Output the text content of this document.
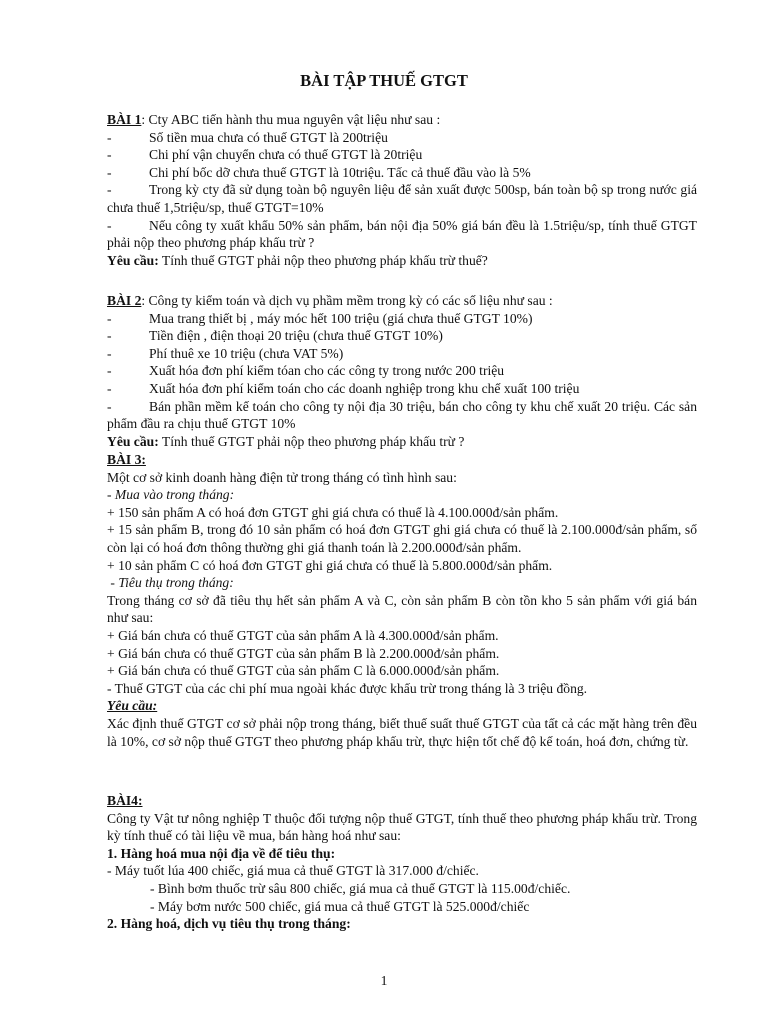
BÀI TẬP THUẾ GTGT

BÀI 1: Cty ABC tiến hành thu mua nguyên vật liệu như sau :

-	Số tiền mua chưa có thuế GTGT là 200triệu
-	Chi phí vận chuyển chưa có thuế GTGT là 20triệu
-	Chi phí bốc dỡ chưa thuế GTGT là 10triệu. Tấc cả thuế đầu vào là 5%

-	Trong kỳ cty đã sử dụng toàn bộ nguyên liệu để sản xuất được 500sp, bán toàn bộ sp trong nước giá chưa thuế 1,5triệu/sp, thuế GTGT=10%

-	Nếu công ty xuất khẩu 50% sản phẩm, bán nội địa 50% giá bán đều là 1.5triệu/sp, tính thuế GTGT phải nộp theo phương pháp khấu trừ ?

Yêu cầu: Tính thuế GTGT phải nộp theo phương pháp khấu trừ thuế?

BÀI 2: Công ty kiểm toán và dịch vụ phầm mềm trong kỳ có các số liệu như sau :

-	Mua trang thiết bị , máy móc hết 100 triệu (giá chưa thuế GTGT 10%)
-	Tiền điện , điện thoại 20 triệu (chưa thuế GTGT 10%)
-	Phí thuê xe 10 triệu (chưa VAT 5%)
-	Xuất hóa đơn phí kiểm tóan cho các công ty trong nước 200 triệu
-	Xuất hóa đơn phí kiểm toán cho các doanh nghiệp trong khu chế xuất 100 triệu

-	Bán phần mềm kế toán cho công ty nội địa 30 triệu, bán cho công ty khu chế xuất 20 triệu. Các sản phẩm đầu ra chịu thuế GTGT 10%

Yêu cầu: Tính thuế GTGT phải nộp theo phương pháp khấu trừ ?

BÀI 3:

Một cơ sở kinh doanh hàng điện tử trong tháng có tình hình sau:

- Mua vào trong tháng:

+ 150 sản phẩm A có hoá đơn GTGT ghi giá chưa có thuế là 4.100.000đ/sản phẩm.

+ 15 sản phẩm B, trong đó 10 sản phẩm có hoá đơn GTGT ghi giá chưa có thuế là 2.100.000đ/sản phẩm, số còn lại có hoá đơn thông thường ghi giá thanh toán là 2.200.000đ/sản phẩm.

+ 10 sản phẩm C có hoá đơn GTGT ghi giá chưa có thuế là 5.800.000đ/sản phẩm.

- Tiêu thụ trong tháng:

Trong tháng cơ sở đã tiêu thụ hết sản phẩm A và C, còn sản phẩm B còn tồn kho 5 sản phẩm với giá bán như sau:

+ Giá bán chưa có thuế GTGT của sản phẩm A là 4.300.000đ/sản phẩm.

+ Giá bán chưa có thuế GTGT của sản phẩm B là 2.200.000đ/sản phẩm.

+ Giá bán chưa có thuế GTGT của sản phẩm C là 6.000.000đ/sản phẩm.

- Thuế GTGT của các chi phí mua ngoài khác được khấu trừ trong tháng là 3 triệu đồng.

Yêu cầu:

Xác định thuế GTGT cơ sở phải nộp trong tháng, biết thuế suất thuế GTGT của tất cả các mặt hàng trên đều là 10%, cơ sở nộp thuế GTGT theo phương pháp khấu trừ, thực hiện tốt chế độ kế toán, hoá đơn, chứng từ.

BÀI4:

Công ty Vật tư nông nghiệp T thuộc đối tượng nộp thuế GTGT, tính thuế theo phương pháp khấu trừ. Trong kỳ tính thuế có tài liệu về mua, bán hàng hoá như sau:

1. Hàng hoá mua nội địa về để tiêu thụ:

- Máy tuốt lúa 400 chiếc, giá mua cả thuế GTGT là 317.000 đ/chiếc.

- Bình bơm thuốc trừ sâu 800 chiếc, giá mua cả thuế GTGT là 115.00đ/chiếc.

- Máy bơm nước 500 chiếc, giá mua cả thuế GTGT là 525.000đ/chiếc

2. Hàng hoá, dịch vụ tiêu thụ trong tháng:

1
